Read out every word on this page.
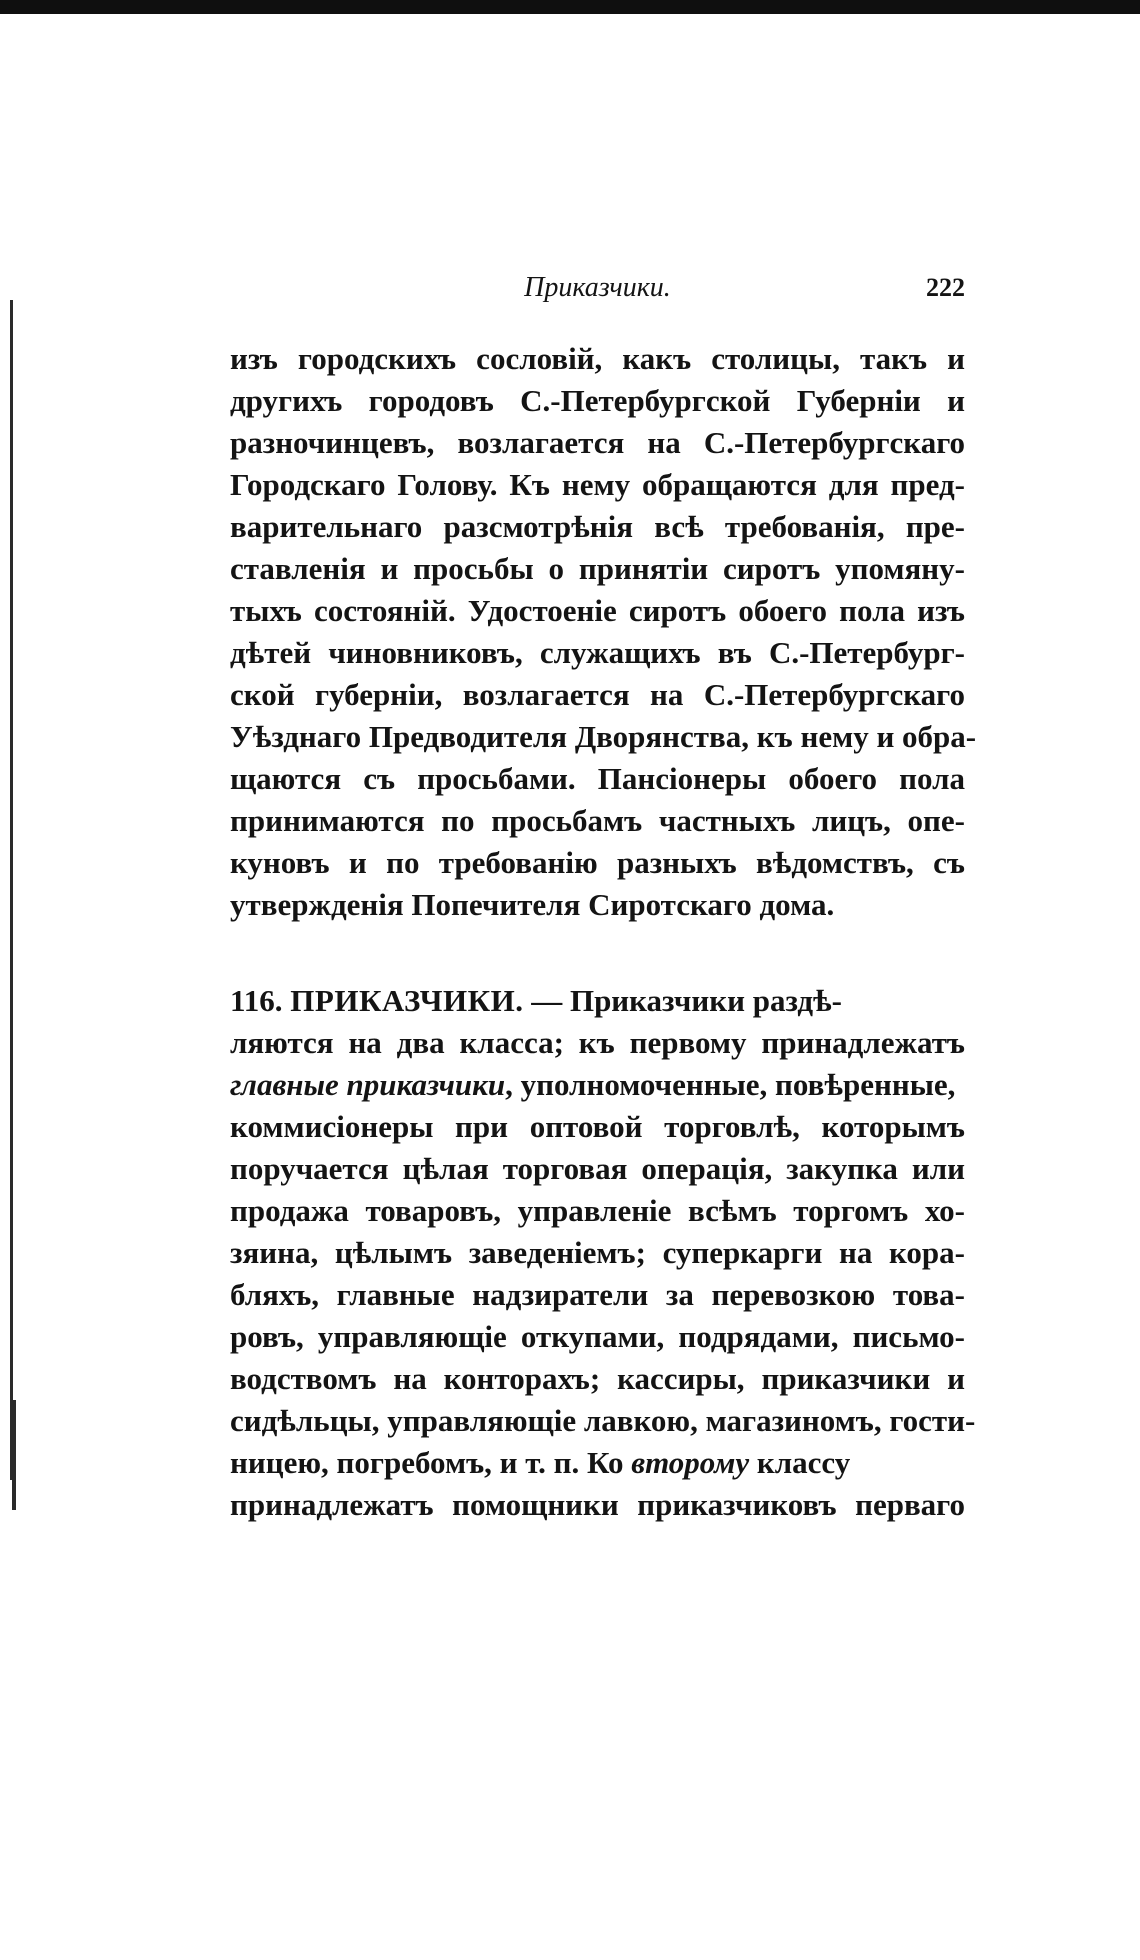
Приказчики.	222
изъ городскихъ сословій, какъ столицы, такъ и
другихъ городовъ С.-Петербургской Губерніи и
разночинцевъ, возлагается на С.-Петербургскаго
Городскаго Голову. Къ нему обращаются для пред-
варительнаго разсмотрѣнія всѣ требованія, пре-
ставленія и просьбы о принятіи сиротъ упомяну-
тыхъ состояній. Удостоеніе сиротъ обоего пола изъ
дѣтей чиновниковъ, служащихъ въ С.-Петербург-
ской губерніи, возлагается на С.-Петербургскаго
Уѣзднаго Предводителя Дворянства, къ нему и обра-
щаются съ просьбами. Пансіонеры обоего пола
принимаются по просьбамъ частныхъ лицъ, опе-
куновъ и по требованію разныхъ вѣдомствъ, съ
утвержденія Попечителя Сиротскаго дома.
116. ПРИКАЗЧИКИ. — Приказчики раздѣ-
ляются на два класса; къ первому принадлежатъ
главные приказчики, уполномоченные, повѣренные,
коммисіонеры при оптовой торговлѣ, которымъ
поручается цѣлая торговая операція, закупка или
продажа товаровъ, управленіе всѣмъ торгомъ хо-
зяина, цѣлымъ заведеніемъ; суперкарги на кора-
бляхъ, главные надзиратели за перевозкою това-
ровъ, управляющіе откупами, подрядами, письмо-
водствомъ на конторахъ; кассиры, приказчики и
сидѣльцы, управляющіе лавкою, магазиномъ, гости-
ницею, погребомъ, и т. п. Ко второму классу
принадлежатъ помощники приказчиковъ перваго
